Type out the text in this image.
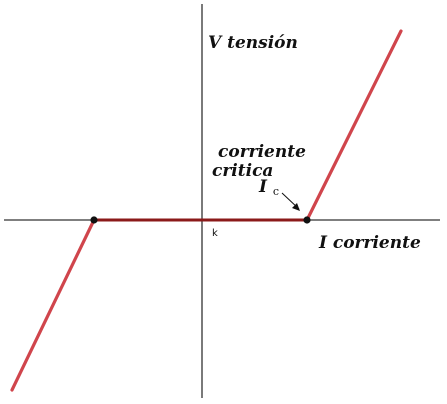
V tensión
I corriente
corriente
critica
I c
k
